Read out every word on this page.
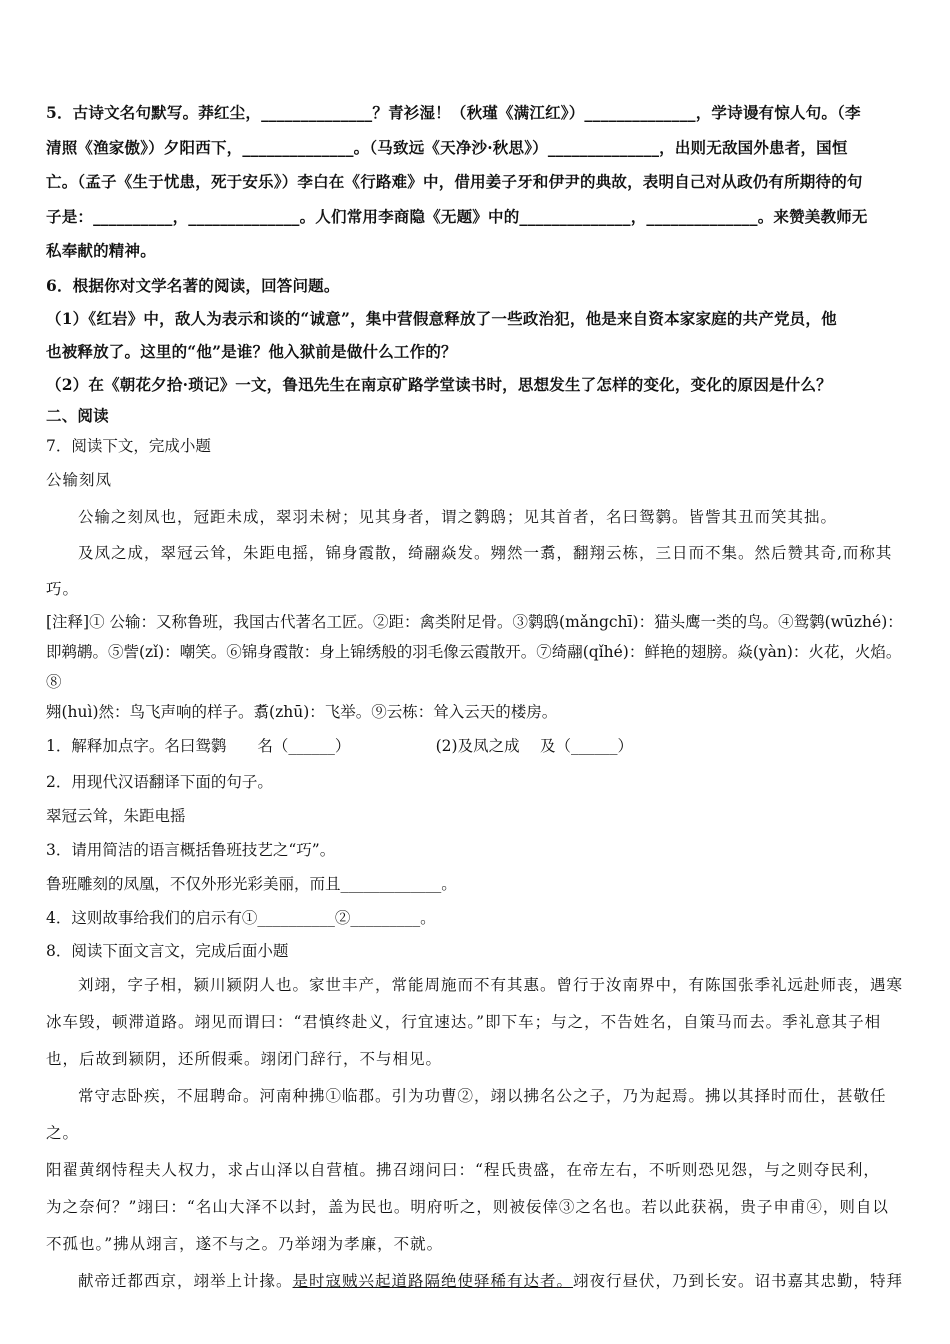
5．古诗文名句默写。莽红尘，______________？青衫湿！（秋瑾《满江红》）______________，学诗谩有惊人句。（李

清照《渔家傲》）夕阳西下，______________。（马致远《天净沙·秋思》）______________，出则无敌国外患者，国恒

亡。（孟子《生于忧患，死于安乐》）李白在《行路难》中，借用姜子牙和伊尹的典故，表明自己对从政仍有所期待的句

子是：__________，______________。人们常用李商隐《无题》中的______________，______________。来赞美教师无

私奉献的精神。

6．根据你对文学名著的阅读，回答问题。

（1）《红岩》中，敌人为表示和谈的“诚意”，集中营假意释放了一些政治犯，他是来自资本家家庭的共产党员，他

也被释放了。这里的“他”是谁？他入狱前是做什么工作的？

（2）在《朝花夕拾·琐记》一文，鲁迅先生在南京矿路学堂读书时，思想发生了怎样的变化，变化的原因是什么？

二、阅读

7．阅读下文，完成小题

公输刻凤

公输之刻凤也，冠距未成，翠羽未树；见其身者，谓之鹲鸱；见其首者，名曰鸳鹲。皆訾其丑而笑其拙。

及凤之成，翠冠云耸，朱距电摇，锦身霞散，绮翮焱发。翙然一翥，翻翔云栋，三日而不集。然后赞其奇,而称其

巧。

[注释]① 公输：又称鲁班，我国古代著名工匠。②距：禽类附足骨。③鹲鸱(mǎngchī)：猫头鹰一类的鸟。④鸳鹲(wūzhé)：

即鹈鹕。⑤訾(zǐ)：嘲笑。⑥锦身霞散：身上锦绣般的羽毛像云霞散开。⑦绮翮(qǐhé)：鲜艳的翅膀。焱(yàn)：火花，火焰。⑧

翙(huì)然：鸟飞声响的样子。翥(zhū)：飞举。⑨云栋：耸入云天的楼房。

1．解释加点字。名曰鸳鹲　　名（______）　　　　　　(2)及凤之成　 及（______）

2．用现代汉语翻译下面的句子。

翠冠云耸，朱距电摇

3．请用简洁的语言概括鲁班技艺之“巧”。

鲁班雕刻的凤凰，不仅外形光彩美丽，而且_____________。

4．这则故事给我们的启示有①__________②_________。

8．阅读下面文言文，完成后面小题

刘翊，字子相，颍川颍阴人也。家世丰产，常能周施而不有其惠。曾行于汝南界中，有陈国张季礼远赴师丧，遇寒

冰车毁，顿滞道路。翊见而谓曰：“君慎终赴义，行宜速达。”即下车；与之，不告姓名，自策马而去。季礼意其子相

也，后故到颍阴，还所假乘。翊闭门辞行，不与相见。

常守志卧疾，不屈聘命。河南种拂①临郡。引为功曹②，翊以拂名公之子，乃为起焉。拂以其择时而仕，甚敬任之。

阳翟黄纲恃程夫人权力，求占山泽以自营植。拂召翊问曰：“程氏贵盛，在帝左右，不听则恐见怨，与之则夺民利，

为之奈何？”翊曰：“名山大泽不以封，盖为民也。明府听之，则被佞倖③之名也。若以此获祸，贵子申甫④，则自以

不孤也。”拂从翊言，遂不与之。乃举翊为孝廉，不就。

献帝迁都西京，翊举上计掾。是时寇贼兴起道路隔绝使驿稀有达者。翊夜行昼伏，乃到长安。诏书嘉其忠勤，特拜
